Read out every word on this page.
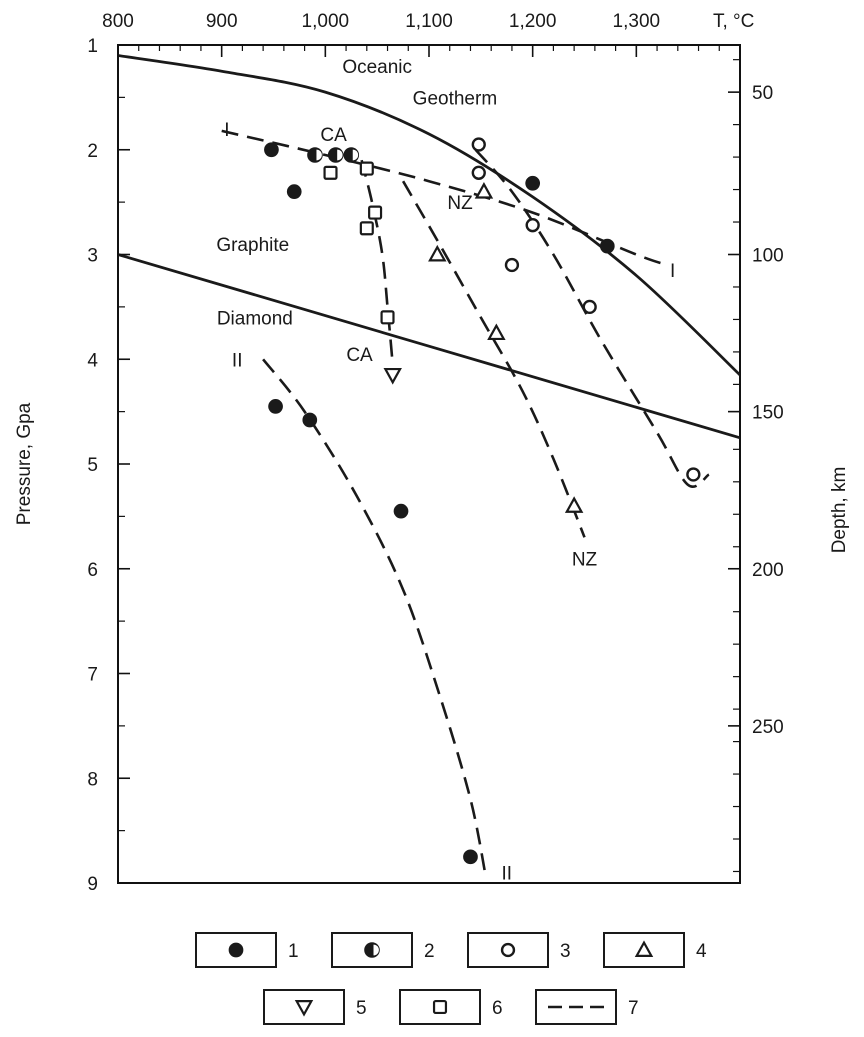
800	900	1,000	1,100	1,200	1,300
1
2
3
4
5
6
7
8
9
50
100
150
200
250
Oceanic
Geotherm
Graphite
Diamond
I
I
II
II
CA
CA
NZ
NZ
T, °C
Pressure, Gpa	Depth, km
1	2	3	4
5	6	7
